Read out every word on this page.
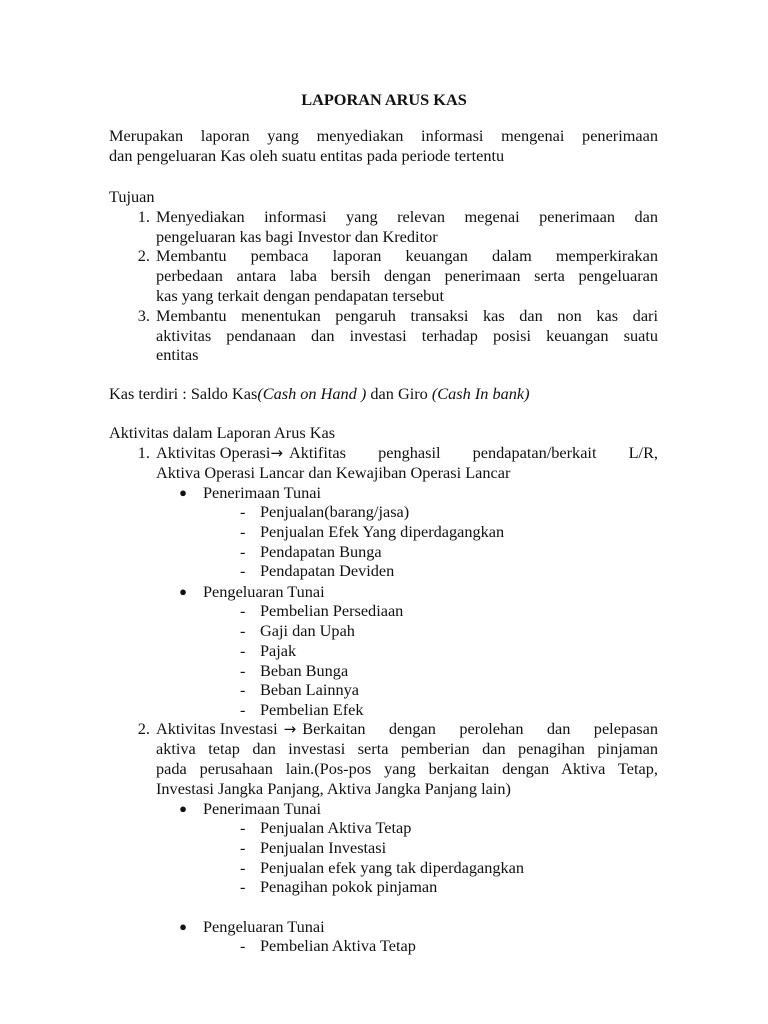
LAPORAN ARUS KAS
Merupakan laporan yang menyediakan informasi mengenai penerimaan
dan pengeluaran Kas oleh suatu entitas pada periode tertentu
Tujuan
1. Menyediakan informasi yang relevan megenai penerimaan dan
pengeluaran kas bagi Investor dan Kreditor
2. Membantu pembaca laporan keuangan dalam memperkirakan
perbedaan antara laba bersih dengan penerimaan serta pengeluaran
kas yang terkait dengan pendapatan tersebut
3. Membantu menentukan pengaruh transaksi kas dan non kas dari
aktivitas pendanaan dan investasi terhadap posisi keuangan suatu
entitas
Kas terdiri : Saldo Kas(Cash on Hand ) dan Giro (Cash In bank)
Aktivitas dalam Laporan Arus Kas
1. Aktivitas Operasi → Aktifitas penghasil pendapatan/berkait L/R,
Aktiva Operasi Lancar dan Kewajiban Operasi Lancar
● Penerimaan Tunai
- Penjualan(barang/jasa)
- Penjualan Efek Yang diperdagangkan
- Pendapatan Bunga
- Pendapatan Deviden
● Pengeluaran Tunai
- Pembelian Persediaan
- Gaji dan Upah
- Pajak
- Beban Bunga
- Beban Lainnya
- Pembelian Efek
2. Aktivitas Investasi → Berkaitan dengan perolehan dan pelepasan
aktiva tetap dan investasi serta pemberian dan penagihan pinjaman
pada perusahaan lain.(Pos-pos yang berkaitan dengan Aktiva Tetap,
Investasi Jangka Panjang, Aktiva Jangka Panjang lain)
● Penerimaan Tunai
- Penjualan Aktiva Tetap
- Penjualan Investasi
- Penjualan efek yang tak diperdagangkan
- Penagihan pokok pinjaman
● Pengeluaran Tunai
- Pembelian Aktiva Tetap
